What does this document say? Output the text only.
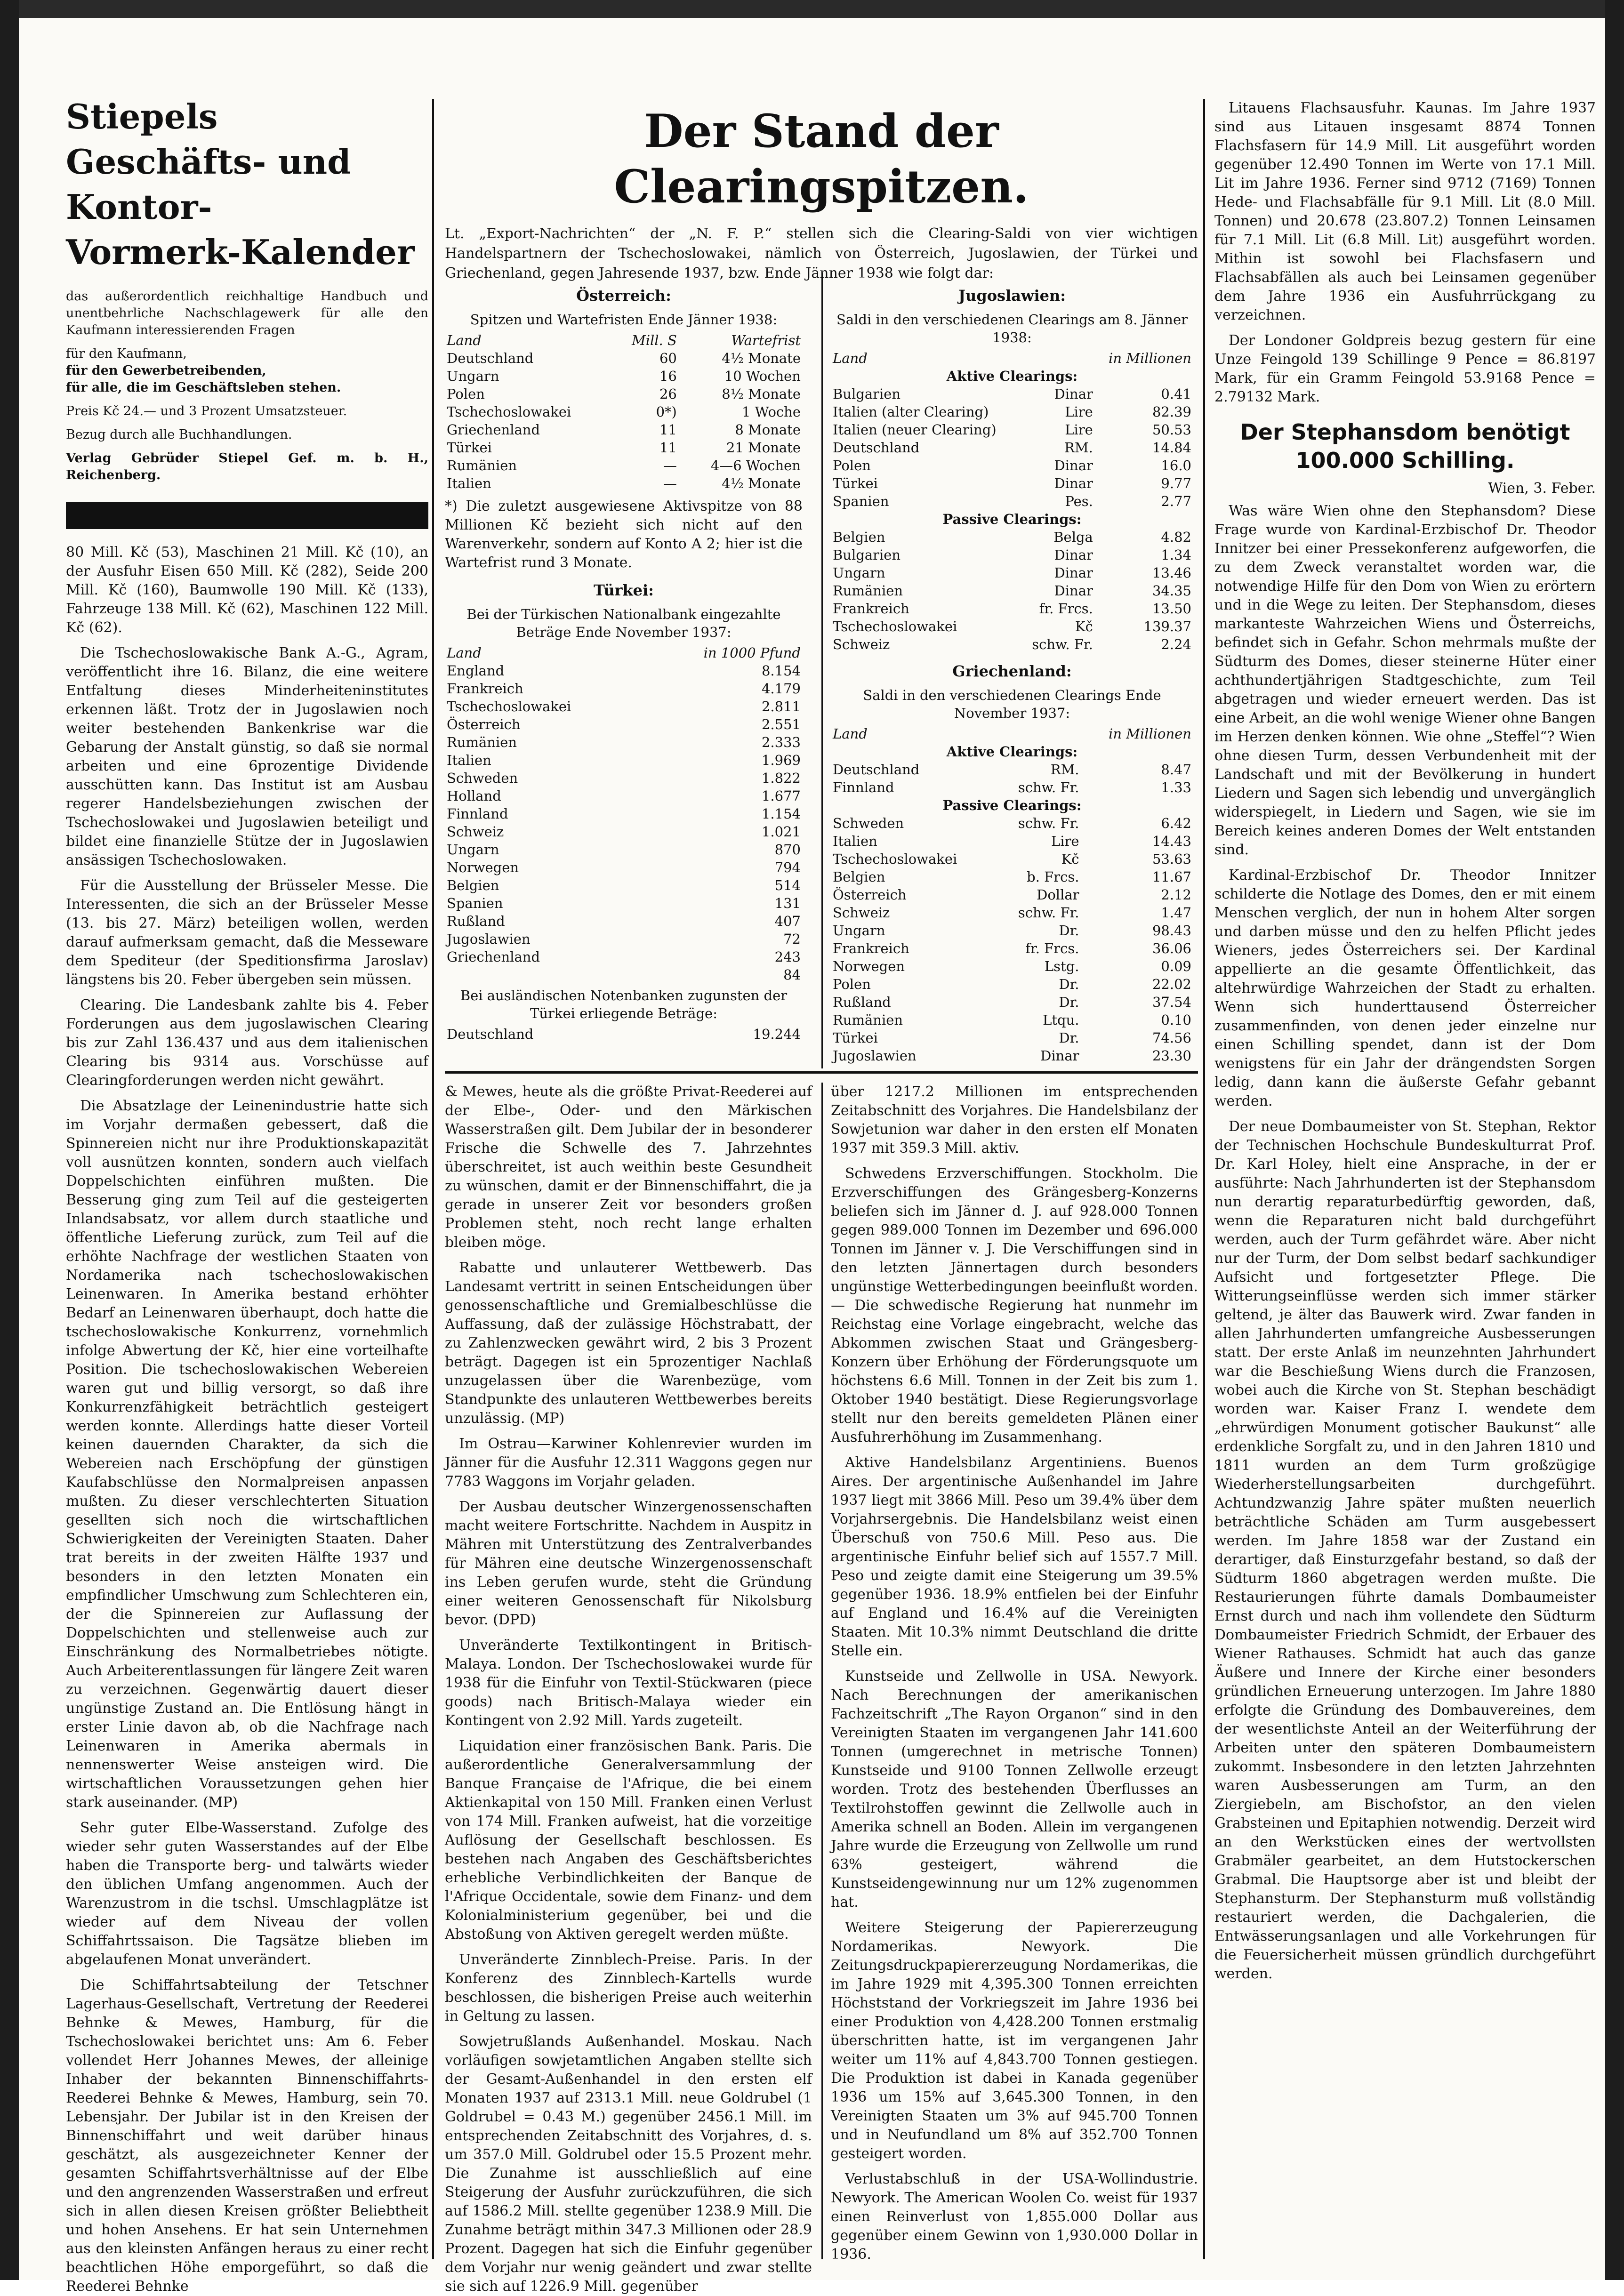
Stiepels
Geschäfts- und Kontor-
Vormerk-Kalender

das außerordentlich reichhaltige Handbuch und unentbehrliche Nachschlagewerk für alle den Kaufmann interessierenden Fragen

für den Kaufmann,
für den Gewerbetreibenden,
für alle, die im Geschäftsleben stehen.

Preis Kč 24.— und 3 Prozent Umsatzsteuer.

Bezug durch alle Buchhandlungen.

Verlag Gebrüder Stiepel Gef. m. b. H., Reichenberg.

80 Mill. Kč (53), Maschinen 21 Mill. Kč (10), an der Ausfuhr Eisen 650 Mill. Kč (282), Seide 200 Mill. Kč (160), Baumwolle 190 Mill. Kč (133), Fahrzeuge 138 Mill. Kč (62), Maschinen 122 Mill. Kč (62).

Die Tschechoslowakische Bank A.-G., Agram, veröffentlicht ihre 16. Bilanz, die eine weitere Entfaltung dieses Minderheiteninstitutes erkennen läßt. Trotz der in Jugoslawien noch weiter bestehenden Bankenkrise war die Gebarung der Anstalt günstig, so daß sie normal arbeiten und eine 6prozentige Dividende ausschütten kann. Das Institut ist am Ausbau regerer Handelsbeziehungen zwischen der Tschechoslowakei und Jugoslawien beteiligt und bildet eine finanzielle Stütze der in Jugoslawien ansässigen Tschechoslowaken.

Für die Ausstellung der Brüsseler Messe. Die Interessenten, die sich an der Brüsseler Messe (13. bis 27. März) beteiligen wollen, werden darauf aufmerksam gemacht, daß die Messeware dem Spediteur (der Speditionsfirma Jaroslav) längstens bis 20. Feber übergeben sein müssen.

Clearing. Die Landesbank zahlte bis 4. Feber Forderungen aus dem jugoslawischen Clearing bis zur Zahl 136.437 und aus dem italienischen Clearing bis 9314 aus. Vorschüsse auf Clearingforderungen werden nicht gewährt.

Die Absatzlage der Leinenindustrie hatte sich im Vorjahr dermaßen gebessert, daß die Spinnereien nicht nur ihre Produktionskapazität voll ausnützen konnten, sondern auch vielfach Doppelschichten einführen mußten. Die Besserung ging zum Teil auf die gesteigerten Inlandsabsatz, vor allem durch staatliche und öffentliche Lieferung zurück, zum Teil auf die erhöhte Nachfrage der westlichen Staaten von Nordamerika nach tschechoslowakischen Leinenwaren. In Amerika bestand erhöhter Bedarf an Leinenwaren überhaupt, doch hatte die tschechoslowakische Konkurrenz, vornehmlich infolge Abwertung der Kč, hier eine vorteilhafte Position. Die tschechoslowakischen Webereien waren gut und billig versorgt, so daß ihre Konkurrenzfähigkeit beträchtlich gesteigert werden konnte. Allerdings hatte dieser Vorteil keinen dauernden Charakter, da sich die Webereien nach Erschöpfung der günstigen Kaufabschlüsse den Normalpreisen anpassen mußten. Zu dieser verschlechterten Situation gesellten sich noch die wirtschaftlichen Schwierigkeiten der Vereinigten Staaten. Daher trat bereits in der zweiten Hälfte 1937 und besonders in den letzten Monaten ein empfindlicher Umschwung zum Schlechteren ein, der die Spinnereien zur Auflassung der Doppelschichten und stellenweise auch zur Einschränkung des Normalbetriebes nötigte. Auch Arbeiterentlassungen für längere Zeit waren zu verzeichnen. Gegenwärtig dauert dieser ungünstige Zustand an. Die Entlösung hängt in erster Linie davon ab, ob die Nachfrage nach Leinenwaren in Amerika abermals in nennenswerter Weise ansteigen wird. Die wirtschaftlichen Voraussetzungen gehen hier stark auseinander. (MP)

Sehr guter Elbe-Wasserstand. Zufolge des wieder sehr guten Wasserstandes auf der Elbe haben die Transporte berg- und talwärts wieder den üblichen Umfang angenommen. Auch der Warenzustrom in die tschsl. Umschlagplätze ist wieder auf dem Niveau der vollen Schiffahrtssaison. Die Tagsätze blieben im abgelaufenen Monat unverändert.

Die Schiffahrtsabteilung der Tetschner Lagerhaus-Gesellschaft, Vertretung der Reederei Behnke & Mewes, Hamburg, für die Tschechoslowakei berichtet uns: Am 6. Feber vollendet Herr Johannes Mewes, der alleinige Inhaber der bekannten Binnenschiffahrts-Reederei Behnke & Mewes, Hamburg, sein 70. Lebensjahr. Der Jubilar ist in den Kreisen der Binnenschiffahrt und weit darüber hinaus geschätzt, als ausgezeichneter Kenner der gesamten Schiffahrtsverhältnisse auf der Elbe und den angrenzenden Wasserstraßen und erfreut sich in allen diesen Kreisen größter Beliebtheit und hohen Ansehens. Er hat sein Unternehmen aus den kleinsten Anfängen heraus zu einer recht beachtlichen Höhe emporgeführt, so daß die Reederei Behnke

Der Stand der Clearingspitzen.

Lt. „Export-Nachrichten“ der „N. F. P.“ stellen sich die Clearing-Saldi von vier wichtigen Handelspartnern der Tschechoslowakei, nämlich von Österreich, Jugoslawien, der Türkei und Griechenland, gegen Jahresende 1937, bzw. Ende Jänner 1938 wie folgt dar:

Österreich:
Spitzen und Wartefristen Ende Jänner 1938:
Land	Mill. S	Wartefrist
Deutschland	60	4½ Monate
Ungarn	16	10 Wochen
Polen	26	8½ Monate
Tschechoslowakei	0*)	1 Woche
Griechenland	11	8 Monate
Türkei	11	21 Monate
Rumänien	—	4—6 Wochen
Italien	—	4½ Monate

*) Die zuletzt ausgewiesene Aktivspitze von 88 Millionen Kč bezieht sich nicht auf den Warenverkehr, sondern auf Konto A 2; hier ist die Wartefrist rund 3 Monate.

Türkei:
Bei der Türkischen Nationalbank eingezahlte Beträge Ende November 1937:
Land	in 1000 Pfund
England	8.154
Frankreich	4.179
Tschechoslowakei	2.811
Österreich	2.551
Rumänien	2.333
Italien	1.969
Schweden	1.822
Holland	1.677
Finnland	1.154
Schweiz	1.021
Ungarn	870
Norwegen	794
Belgien	514
Spanien	131
Rußland	407
Jugoslawien	72
Griechenland	243
	84
Bei ausländischen Notenbanken zugunsten der Türkei erliegende Beträge:
Deutschland	19.244
Jugoslawien:
Saldi in den verschiedenen Clearings am 8. Jänner 1938:
Land		in Millionen
Aktive Clearings:		
Bulgarien	Dinar	0.41
Italien (alter Clearing)	Lire	82.39
Italien (neuer Clearing)	Lire	50.53
Deutschland	RM.	14.84
Polen	Dinar	16.0
Türkei	Dinar	9.77
Spanien	Pes.	2.77
Passive Clearings:		
Belgien	Belga	4.82
Bulgarien	Dinar	1.34
Ungarn	Dinar	13.46
Rumänien	Dinar	34.35
Frankreich	fr. Frcs.	13.50
Tschechoslowakei	Kč	139.37
Schweiz	schw. Fr.	2.24
Griechenland:
Saldi in den verschiedenen Clearings Ende November 1937:
Land		in Millionen
Aktive Clearings:		
Deutschland	RM.	8.47
Finnland	schw. Fr.	1.33
Passive Clearings:		
Schweden	schw. Fr.	6.42
Italien	Lire	14.43
Tschechoslowakei	Kč	53.63
Belgien	b. Frcs.	11.67
Österreich	Dollar	2.12
Schweiz	schw. Fr.	1.47
Ungarn	Dr.	98.43
Frankreich	fr. Frcs.	36.06
Norwegen	Lstg.	0.09
Polen	Dr.	22.02
Rußland	Dr.	37.54
Rumänien	Ltqu.	0.10
Türkei	Dr.	74.56
Jugoslawien	Dinar	23.30

& Mewes, heute als die größte Privat-Reederei auf der Elbe-, Oder- und den Märkischen Wasserstraßen gilt. Dem Jubilar der in besonderer Frische die Schwelle des 7. Jahrzehntes überschreitet, ist auch weithin beste Gesundheit zu wünschen, damit er der Binnenschiffahrt, die ja gerade in unserer Zeit vor besonders großen Problemen steht, noch recht lange erhalten bleiben möge.

Rabatte und unlauterer Wettbewerb. Das Landesamt vertritt in seinen Entscheidungen über genossenschaftliche und Gremialbeschlüsse die Auffassung, daß der zulässige Höchstrabatt, der zu Zahlenzwecken gewährt wird, 2 bis 3 Prozent beträgt. Dagegen ist ein 5prozentiger Nachlaß unzugelassen über die Warenbezüge, vom Standpunkte des unlauteren Wettbewerbes bereits unzulässig. (MP)

Im Ostrau—Karwiner Kohlenrevier wurden im Jänner für die Ausfuhr 12.311 Waggons gegen nur 7783 Waggons im Vorjahr geladen.

Der Ausbau deutscher Winzergenossenschaften macht weitere Fortschritte. Nachdem in Auspitz in Mähren mit Unterstützung des Zentralverbandes für Mähren eine deutsche Winzergenossenschaft ins Leben gerufen wurde, steht die Gründung einer weiteren Genossenschaft für Nikolsburg bevor. (DPD)

Unveränderte Textilkontingent in Britisch-Malaya. London. Der Tschechoslowakei wurde für 1938 für die Einfuhr von Textil-Stückwaren (piece goods) nach Britisch-Malaya wieder ein Kontingent von 2.92 Mill. Yards zugeteilt.

Liquidation einer französischen Bank. Paris. Die außerordentliche Generalversammlung der Banque Française de l'Afrique, die bei einem Aktienkapital von 150 Mill. Franken einen Verlust von 174 Mill. Franken aufweist, hat die vorzeitige Auflösung der Gesellschaft beschlossen. Es bestehen nach Angaben des Geschäftsberichtes erhebliche Verbindlichkeiten der Banque de l'Afrique Occidentale, sowie dem Finanz- und dem Kolonialministerium gegenüber, bei und die Abstoßung von Aktiven geregelt werden müßte.

Unveränderte Zinnblech-Preise. Paris. In der Konferenz des Zinnblech-Kartells wurde beschlossen, die bisherigen Preise auch weiterhin in Geltung zu lassen.

Sowjetrußlands Außenhandel. Moskau. Nach vorläufigen sowjetamtlichen Angaben stellte sich der Gesamt-Außenhandel in den ersten elf Monaten 1937 auf 2313.1 Mill. neue Goldrubel (1 Goldrubel = 0.43 M.) gegenüber 2456.1 Mill. im entsprechenden Zeitabschnitt des Vorjahres, d. s. um 357.0 Mill. Goldrubel oder 15.5 Prozent mehr. Die Zunahme ist ausschließlich auf eine Steigerung der Ausfuhr zurückzuführen, die sich auf 1586.2 Mill. stellte gegenüber 1238.9 Mill. Die Zunahme beträgt mithin 347.3 Millionen oder 28.9 Prozent. Dagegen hat sich die Einfuhr gegenüber dem Vorjahr nur wenig geändert und zwar stellte sie sich auf 1226.9 Mill. gegenüber

über 1217.2 Millionen im entsprechenden Zeitabschnitt des Vorjahres. Die Handelsbilanz der Sowjetunion war daher in den ersten elf Monaten 1937 mit 359.3 Mill. aktiv.

Schwedens Erzverschiffungen. Stockholm. Die Erzverschiffungen des Grängesberg-Konzerns beliefen sich im Jänner d. J. auf 928.000 Tonnen gegen 989.000 Tonnen im Dezember und 696.000 Tonnen im Jänner v. J. Die Verschiffungen sind in den letzten Jännertagen durch besonders ungünstige Wetterbedingungen beeinflußt worden. — Die schwedische Regierung hat nunmehr im Reichstag eine Vorlage eingebracht, welche das Abkommen zwischen Staat und Grängesberg-Konzern über Erhöhung der Förderungsquote um höchstens 6.6 Mill. Tonnen in der Zeit bis zum 1. Oktober 1940 bestätigt. Diese Regierungsvorlage stellt nur den bereits gemeldeten Plänen einer Ausfuhrerhöhung im Zusammenhang.

Aktive Handelsbilanz Argentiniens. Buenos Aires. Der argentinische Außenhandel im Jahre 1937 liegt mit 3866 Mill. Peso um 39.4% über dem Vorjahrsergebnis. Die Handelsbilanz weist einen Überschuß von 750.6 Mill. Peso aus. Die argentinische Einfuhr belief sich auf 1557.7 Mill. Peso und zeigte damit eine Steigerung um 39.5% gegenüber 1936. 18.9% entfielen bei der Einfuhr auf England und 16.4% auf die Vereinigten Staaten. Mit 10.3% nimmt Deutschland die dritte Stelle ein.

Kunstseide und Zellwolle in USA. Newyork. Nach Berechnungen der amerikanischen Fachzeitschrift „The Rayon Organon“ sind in den Vereinigten Staaten im vergangenen Jahr 141.600 Tonnen (umgerechnet in metrische Tonnen) Kunstseide und 9100 Tonnen Zellwolle erzeugt worden. Trotz des bestehenden Überflusses an Textilrohstoffen gewinnt die Zellwolle auch in Amerika schnell an Boden. Allein im vergangenen Jahre wurde die Erzeugung von Zellwolle um rund 63% gesteigert, während die Kunstseidengewinnung nur um 12% zugenommen hat.

Weitere Steigerung der Papiererzeugung Nordamerikas. Newyork. Die Zeitungsdruckpapiererzeugung Nordamerikas, die im Jahre 1929 mit 4,395.300 Tonnen erreichten Höchststand der Vorkriegszeit im Jahre 1936 bei einer Produktion von 4,428.200 Tonnen erstmalig überschritten hatte, ist im vergangenen Jahr weiter um 11% auf 4,843.700 Tonnen gestiegen. Die Produktion ist dabei in Kanada gegenüber 1936 um 15% auf 3,645.300 Tonnen, in den Vereinigten Staaten um 3% auf 945.700 Tonnen und in Neufundland um 8% auf 352.700 Tonnen gesteigert worden.

Verlustabschluß in der USA-Wollindustrie. Newyork. The American Woolen Co. weist für 1937 einen Reinverlust von 1,855.000 Dollar aus gegenüber einem Gewinn von 1,930.000 Dollar in 1936.

Litauens Flachsausfuhr. Kaunas. Im Jahre 1937 sind aus Litauen insgesamt 8874 Tonnen Flachsfasern für 14.9 Mill. Lit ausgeführt worden gegenüber 12.490 Tonnen im Werte von 17.1 Mill. Lit im Jahre 1936. Ferner sind 9712 (7169) Tonnen Hede- und Flachsabfälle für 9.1 Mill. Lit (8.0 Mill. Tonnen) und 20.678 (23.807.2) Tonnen Leinsamen für 7.1 Mill. Lit (6.8 Mill. Lit) ausgeführt worden. Mithin ist sowohl bei Flachsfasern und Flachsabfällen als auch bei Leinsamen gegenüber dem Jahre 1936 ein Ausfuhrrückgang zu verzeichnen.

Der Londoner Goldpreis bezug gestern für eine Unze Feingold 139 Schillinge 9 Pence = 86.8197 Mark, für ein Gramm Feingold 53.9168 Pence = 2.79132 Mark.

Der Stephansdom benötigt 100.000 Schilling.
Wien, 3. Feber.

Was wäre Wien ohne den Stephansdom? Diese Frage wurde von Kardinal-Erzbischof Dr. Theodor Innitzer bei einer Pressekonferenz aufgeworfen, die zu dem Zweck veranstaltet worden war, die notwendige Hilfe für den Dom von Wien zu erörtern und in die Wege zu leiten. Der Stephansdom, dieses markanteste Wahrzeichen Wiens und Österreichs, befindet sich in Gefahr. Schon mehrmals mußte der Südturm des Domes, dieser steinerne Hüter einer achthundertjährigen Stadtgeschichte, zum Teil abgetragen und wieder erneuert werden. Das ist eine Arbeit, an die wohl wenige Wiener ohne Bangen im Herzen denken können. Wie ohne „Steffel“? Wien ohne diesen Turm, dessen Verbundenheit mit der Landschaft und mit der Bevölkerung in hundert Liedern und Sagen sich lebendig und unvergänglich widerspiegelt, in Liedern und Sagen, wie sie im Bereich keines anderen Domes der Welt entstanden sind.

Kardinal-Erzbischof Dr. Theodor Innitzer schilderte die Notlage des Domes, den er mit einem Menschen verglich, der nun in hohem Alter sorgen und darben müsse und den zu helfen Pflicht jedes Wieners, jedes Österreichers sei. Der Kardinal appellierte an die gesamte Öffentlichkeit, das altehrwürdige Wahrzeichen der Stadt zu erhalten. Wenn sich hunderttausend Österreicher zusammenfinden, von denen jeder einzelne nur einen Schilling spendet, dann ist der Dom wenigstens für ein Jahr der drängendsten Sorgen ledig, dann kann die äußerste Gefahr gebannt werden.

Der neue Dombaumeister von St. Stephan, Rektor der Technischen Hochschule Bundeskulturrat Prof. Dr. Karl Holey, hielt eine Ansprache, in der er ausführte: Nach Jahrhunderten ist der Stephansdom nun derartig reparaturbedürftig geworden, daß, wenn die Reparaturen nicht bald durchgeführt werden, auch der Turm gefährdet wäre. Aber nicht nur der Turm, der Dom selbst bedarf sachkundiger Aufsicht und fortgesetzter Pflege. Die Witterungseinflüsse werden sich immer stärker geltend, je älter das Bauwerk wird. Zwar fanden in allen Jahrhunderten umfangreiche Ausbesserungen statt. Der erste Anlaß im neunzehnten Jahrhundert war die Beschießung Wiens durch die Franzosen, wobei auch die Kirche von St. Stephan beschädigt worden war. Kaiser Franz I. wendete dem „ehrwürdigen Monument gotischer Baukunst“ alle erdenkliche Sorgfalt zu, und in den Jahren 1810 und 1811 wurden an dem Turm großzügige Wiederherstellungsarbeiten durchgeführt. Achtundzwanzig Jahre später mußten neuerlich beträchtliche Schäden am Turm ausgebessert werden. Im Jahre 1858 war der Zustand ein derartiger, daß Einsturzgefahr bestand, so daß der Südturm 1860 abgetragen werden mußte. Die Restaurierungen führte damals Dombaumeister Ernst durch und nach ihm vollendete den Südturm Dombaumeister Friedrich Schmidt, der Erbauer des Wiener Rathauses. Schmidt hat auch das ganze Äußere und Innere der Kirche einer besonders gründlichen Erneuerung unterzogen. Im Jahre 1880 erfolgte die Gründung des Dombauvereines, dem der wesentlichste Anteil an der Weiterführung der Arbeiten unter den späteren Dombaumeistern zukommt. Insbesondere in den letzten Jahrzehnten waren Ausbesserungen am Turm, an den Ziergiebeln, am Bischofstor, an den vielen Grabsteinen und Epitaphien notwendig. Derzeit wird an den Werkstücken eines der wertvollsten Grabmäler gearbeitet, an dem Hutstockerschen Grabmal. Die Hauptsorge aber ist und bleibt der Stephansturm. Der Stephansturm muß vollständig restauriert werden, die Dachgalerien, die Entwässerungsanlagen und alle Vorkehrungen für die Feuersicherheit müssen gründlich durchgeführt werden.
